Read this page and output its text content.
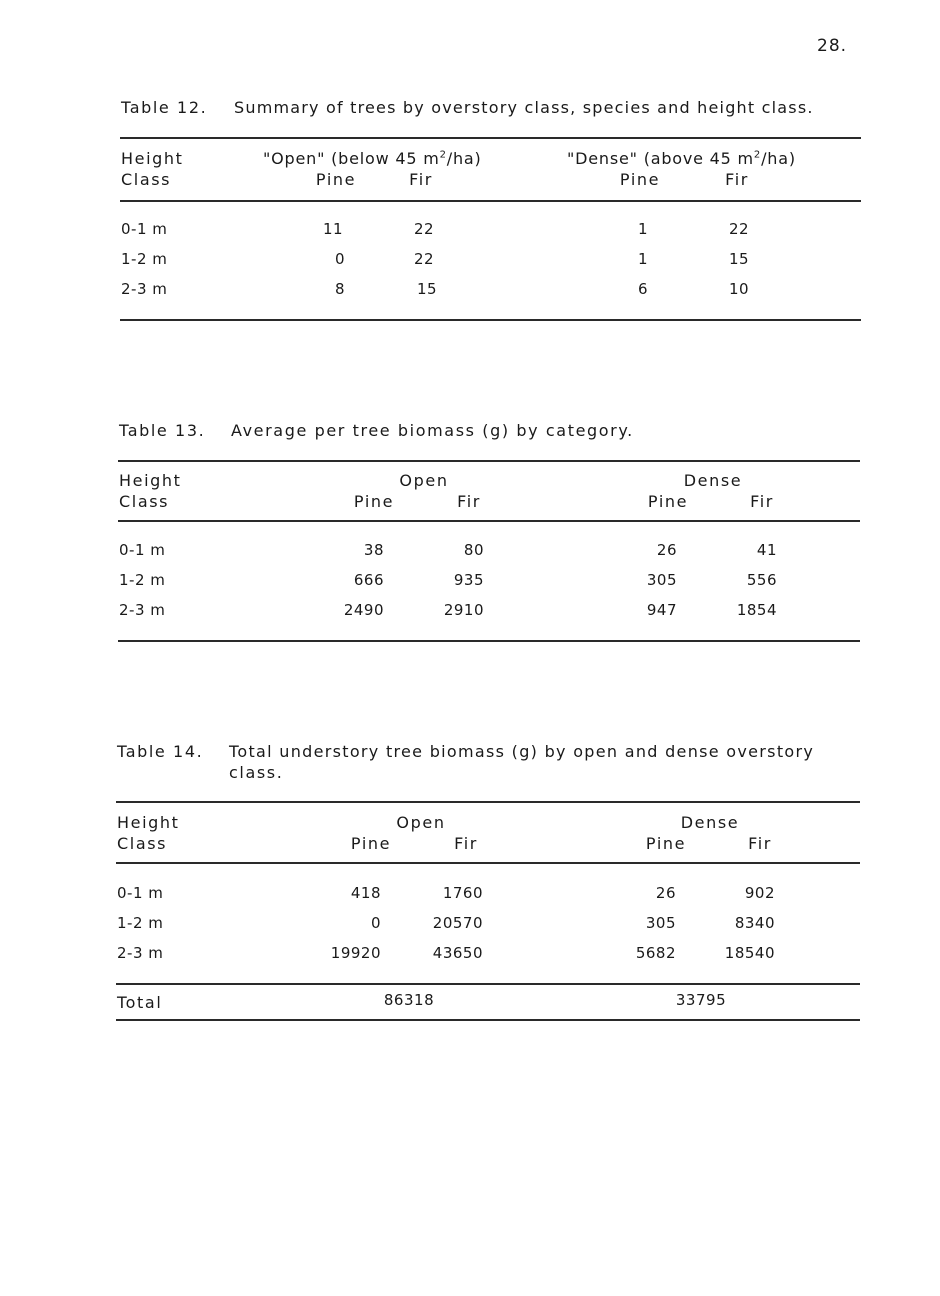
28.
Table 12. Summary of trees by overstory class, species and height class.
Height
Class
"Open" (below 45 $m^2/ha$)	"Dense" (above 45 $m^2/ha$)
Pine	Fir	Pine	Fir
0-1 m	11	22	1	22
1-2 m	0	22	1	15
2-3 m	8	15	6	10
Table 13. Average per tree biomass (g) by category.
Height
Class
Open	Dense
Pine	Fir	Pine	Fir
0-1 m	38	80	26	41
1-2 m	666	935	305	556
2-3 m	2490	2910	947	1854
Table 14. Total understory tree biomass (g) by open and dense overstory
class.
Height
Class
Open	Dense
Pine	Fir	Pine	Fir
0-1 m	418	1760	26	902
1-2 m	0	20570	305	8340
2-3 m	19920	43650	5682	18540
Total	86318	33795
